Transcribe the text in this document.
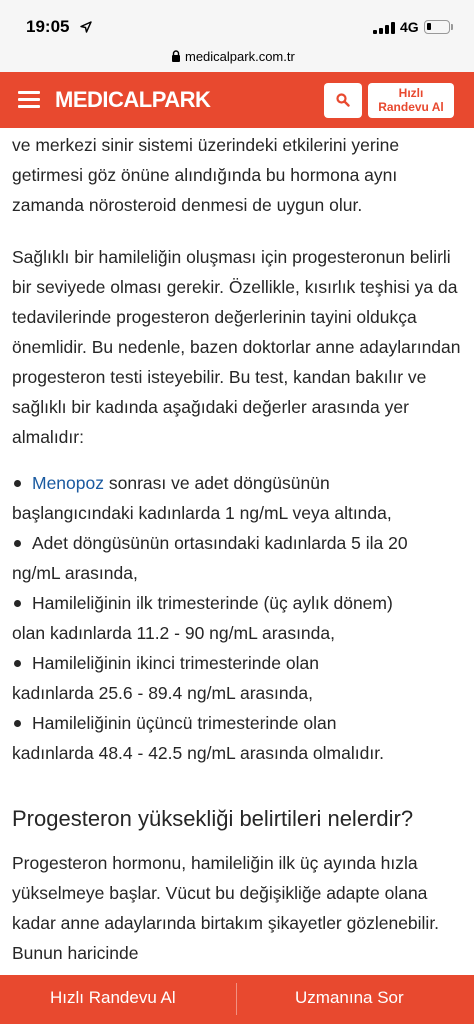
19:05	4G
medicalpark.com.tr

ve merkezi sinir sistemi üzerindeki etkilerini yerine getirmesi göz önüne alındığında bu hormona aynı zamanda nörosteroid denmesi de uygun olur.

Sağlıklı bir hamileliğin oluşması için progesteronun belirli bir seviyede olması gerekir. Özellikle, kısırlık teşhisi ya da tedavilerinde progesteron değerlerinin tayini oldukça önemlidir. Bu nedenle, bazen doktorlar anne adaylarından progesteron testi isteyebilir. Bu test, kandan bakılır ve sağlıklı bir kadında aşağıdaki değerler arasında yer almalıdır:

Menopoz sonrası ve adet döngüsünün
başlangıcındaki kadınlarda 1 ng/mL veya altında,
Adet döngüsünün ortasındaki kadınlarda 5 ila 20
ng/mL arasında,
Hamileliğinin ilk trimesterinde (üç aylık dönem)
olan kadınlarda 11.2 - 90 ng/mL arasında,
Hamileliğinin ikinci trimesterinde olan
kadınlarda 25.6 - 89.4 ng/mL arasında,
Hamileliğinin üçüncü trimesterinde olan
kadınlarda 48.4 - 42.5 ng/mL arasında olmalıdır.
Progesteron yüksekliği belirtileri nelerdir?

Progesteron hormonu, hamileliğin ilk üç ayında hızla yükselmeye başlar. Vücut bu değişikliğe adapte olana kadar anne adaylarında birtakım şikayetler gözlenebilir. Bunun haricinde

MEDICALPARK	Hızlı
Randevu Al
Hızlı Randevu Al	Uzmanına Sor
